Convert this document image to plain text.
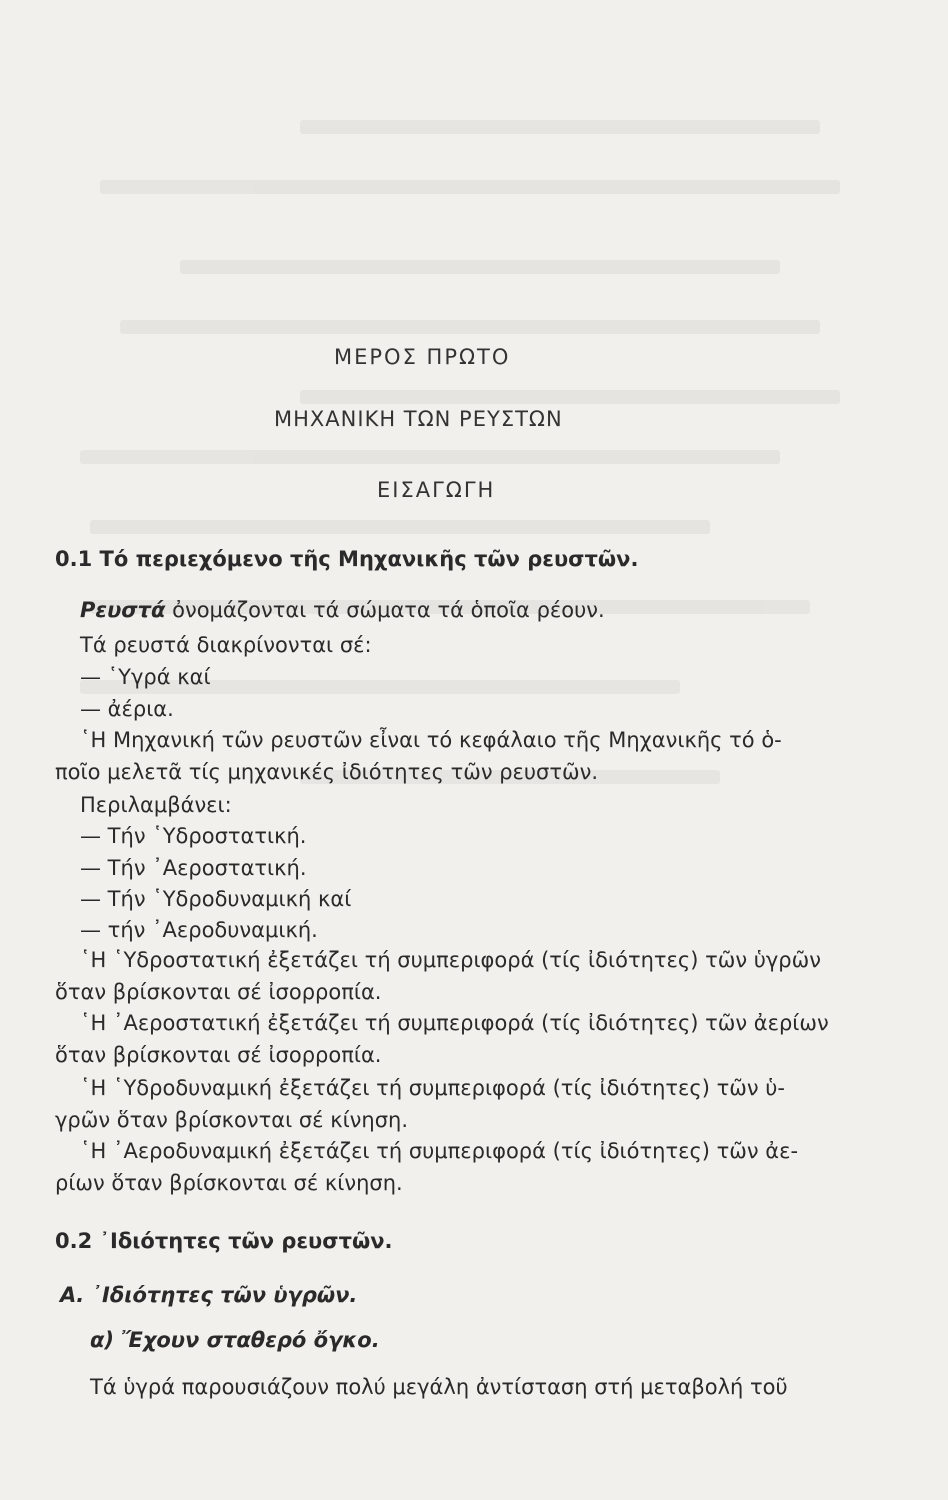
ΜΕΡΟΣ ΠΡΩΤΟ
ΜΗΧΑΝΙΚΗ ΤΩΝ ΡΕΥΣΤΩΝ
ΕΙΣΑΓΩΓΗ
0.1 Τό περιεχόμενο τῆς Μηχανικῆς τῶν ρευστῶν.
Ρευστά ὀνομάζονται τά σώματα τά ὁποῖα ρέουν.
Τά ρευστά διακρίνονται σέ:
— ῾Υγρά καί
— ἀέρια.
῾Η Μηχανική τῶν ρευστῶν εἶναι τό κεφάλαιο τῆς Μηχανικῆς τό ὁ-
ποῖο μελετᾶ τίς μηχανικές ἰδιότητες τῶν ρευστῶν.
Περιλαμβάνει:
— Τήν ῾Υδροστατική.
— Τήν ᾿Αεροστατική.
— Τήν ῾Υδροδυναμική καί
— τήν ᾿Αεροδυναμική.
῾Η ῾Υδροστατική ἐξετάζει τή συμπεριφορά (τίς ἰδιότητες) τῶν ὑγρῶν
ὅταν βρίσκονται σέ ἰσορροπία.
῾Η ᾿Αεροστατική ἐξετάζει τή συμπεριφορά (τίς ἰδιότητες) τῶν ἀερίων
ὅταν βρίσκονται σέ ἰσορροπία.
῾Η ῾Υδροδυναμική ἐξετάζει τή συμπεριφορά (τίς ἰδιότητες) τῶν ὑ-
γρῶν ὅταν βρίσκονται σέ κίνηση.
῾Η ᾿Αεροδυναμική ἐξετάζει τή συμπεριφορά (τίς ἰδιότητες) τῶν ἀε-
ρίων ὅταν βρίσκονται σέ κίνηση.
0.2 ᾿Ιδιότητες τῶν ρευστῶν.
Α. ᾿Ιδιότητες τῶν ὑγρῶν.
α) Ἔχουν σταθερό ὄγκο.
Τά ὑγρά παρουσιάζουν πολύ μεγάλη ἀντίσταση στή μεταβολή τοῦ
